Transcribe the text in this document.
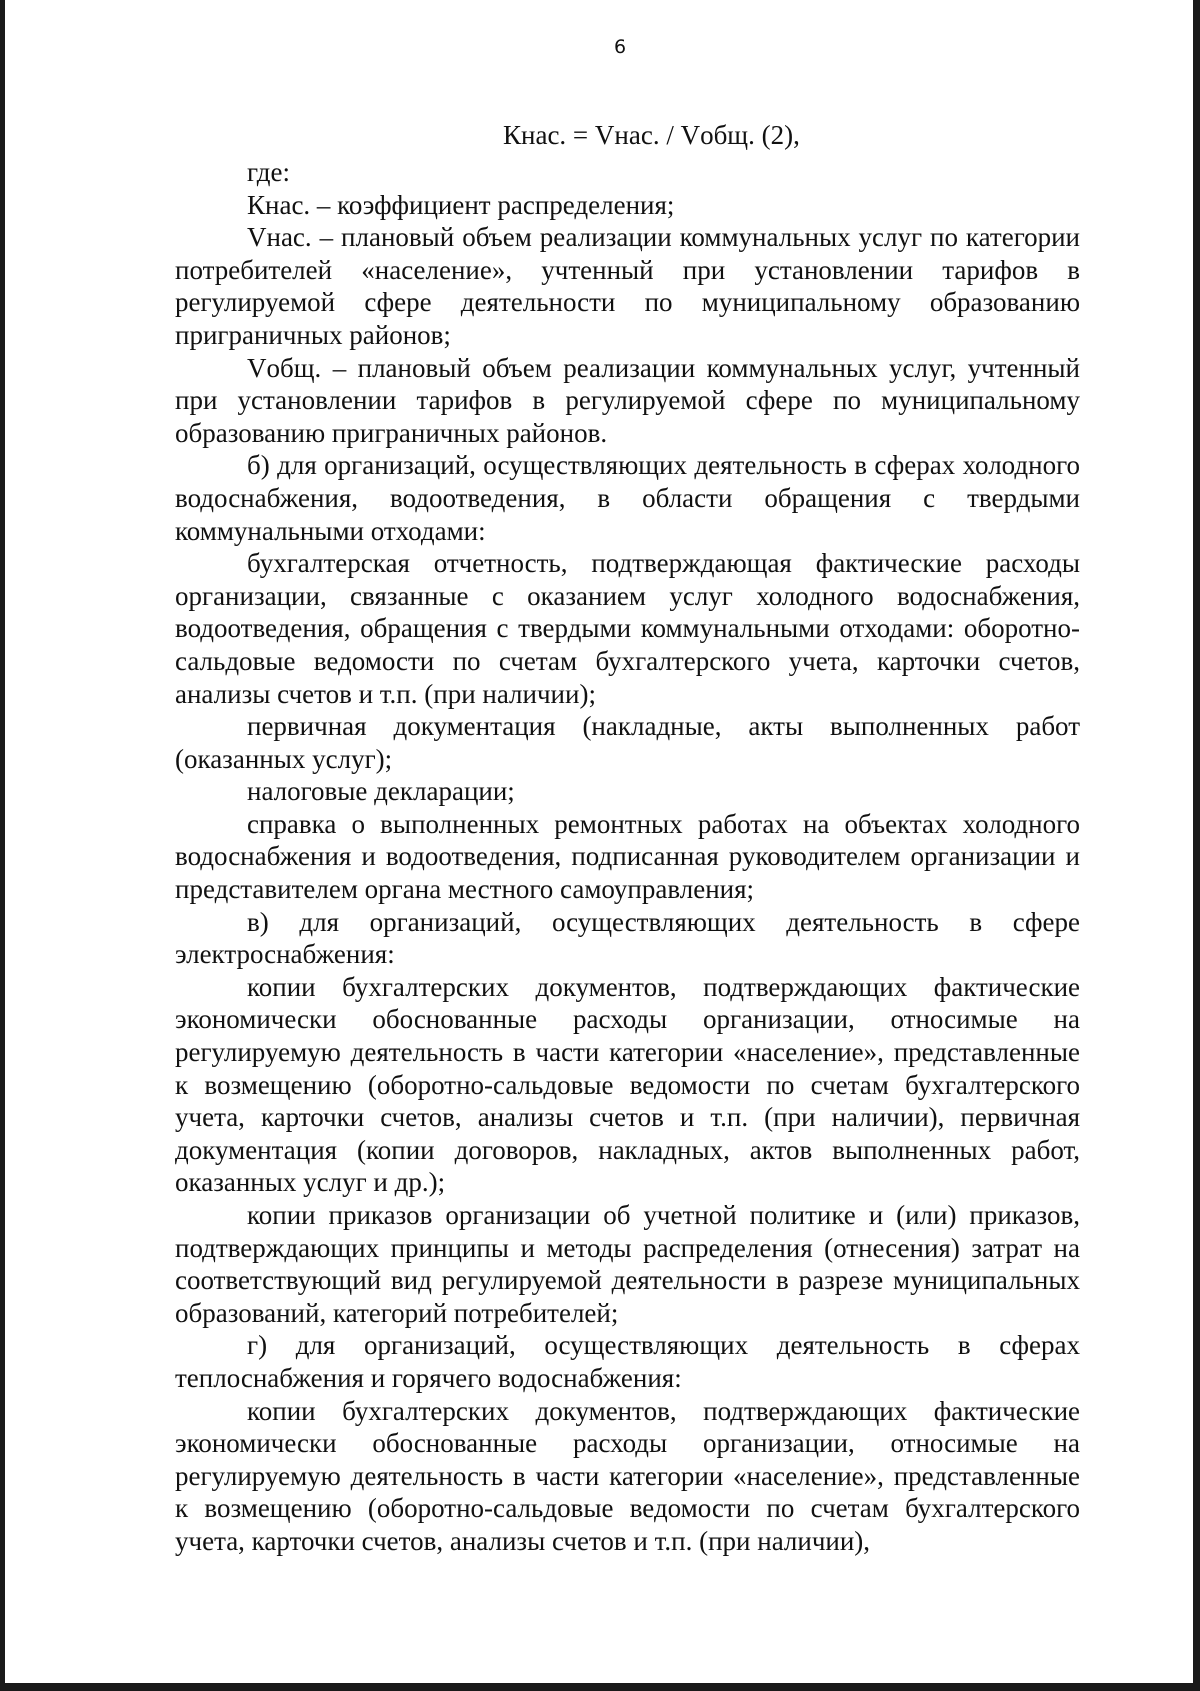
6
Кнас. = Vнас. / Vобщ. (2),

где:

Кнас. – коэффициент распределения;

Vнас. – плановый объем реализации коммунальных услуг по категории потребителей «население», учтенный при установлении тарифов в регулируемой сфере деятельности по муниципальному образованию приграничных районов;

Vобщ. – плановый объем реализации коммунальных услуг, учтенный при установлении тарифов в регулируемой сфере по муниципальному образованию приграничных районов.

б) для организаций, осуществляющих деятельность в сферах холодного водоснабжения, водоотведения, в области обращения с твердыми коммунальными отходами:

бухгалтерская отчетность, подтверждающая фактические расходы организации, связанные с оказанием услуг холодного водоснабжения, водоотведения, обращения с твердыми коммунальными отходами: оборотно-сальдовые ведомости по счетам бухгалтерского учета, карточки счетов, анализы счетов и т.п. (при наличии);

первичная документация (накладные, акты выполненных работ (оказанных услуг);

налоговые декларации;

справка о выполненных ремонтных работах на объектах холодного водоснабжения и водоотведения, подписанная руководителем организации и представителем органа местного самоуправления;

в) для организаций, осуществляющих деятельность в сфере электроснабжения:

копии бухгалтерских документов, подтверждающих фактические экономически обоснованные расходы организации, относимые на регулируемую деятельность в части категории «население», представленные к возмещению (оборотно-сальдовые ведомости по счетам бухгалтерского учета, карточки счетов, анализы счетов и т.п. (при наличии), первичная документация (копии договоров, накладных, актов выполненных работ, оказанных услуг и др.);

копии приказов организации об учетной политике и (или) приказов, подтверждающих принципы и методы распределения (отнесения) затрат на соответствующий вид регулируемой деятельности в разрезе муниципальных образований, категорий потребителей;

г) для организаций, осуществляющих деятельность в сферах теплоснабжения и горячего водоснабжения:

копии бухгалтерских документов, подтверждающих фактические экономически обоснованные расходы организации, относимые на регулируемую деятельность в части категории «население», представленные к возмещению (оборотно-сальдовые ведомости по счетам бухгалтерского учета, карточки счетов, анализы счетов и т.п. (при наличии),
